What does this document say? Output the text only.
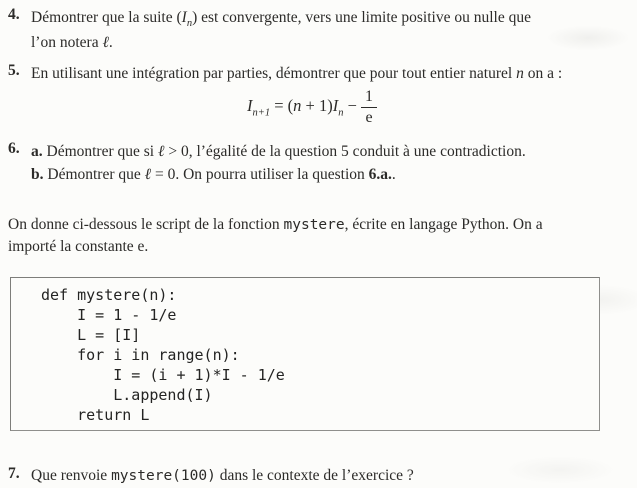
4. Démontrer que la suite $(I_n)$ est convergente, vers une limite positive ou nulle que
l’on notera ℓ.
5. En utilisant une intégration par parties, démontrer que pour tout entier naturel n on a :
$I_{n+1} = (n + 1)I_n - \frac{1}{e}$
6. a. Démontrer que si ℓ > 0, l’égalité de la question 5 conduit à une contradiction.
b. Démontrer que ℓ = 0. On pourra utiliser la question 6.a..
On donne ci-dessous le script de la fonction mystere, écrite en langage Python. On a
importé la constante e.
def mystere(n):
I = 1 - 1/e
L = [I]
for i in range(n):
I = (i + 1)*I - 1/e
L.append(I)
return L
7. Que renvoie mystere(100) dans le contexte de l’exercice ?
